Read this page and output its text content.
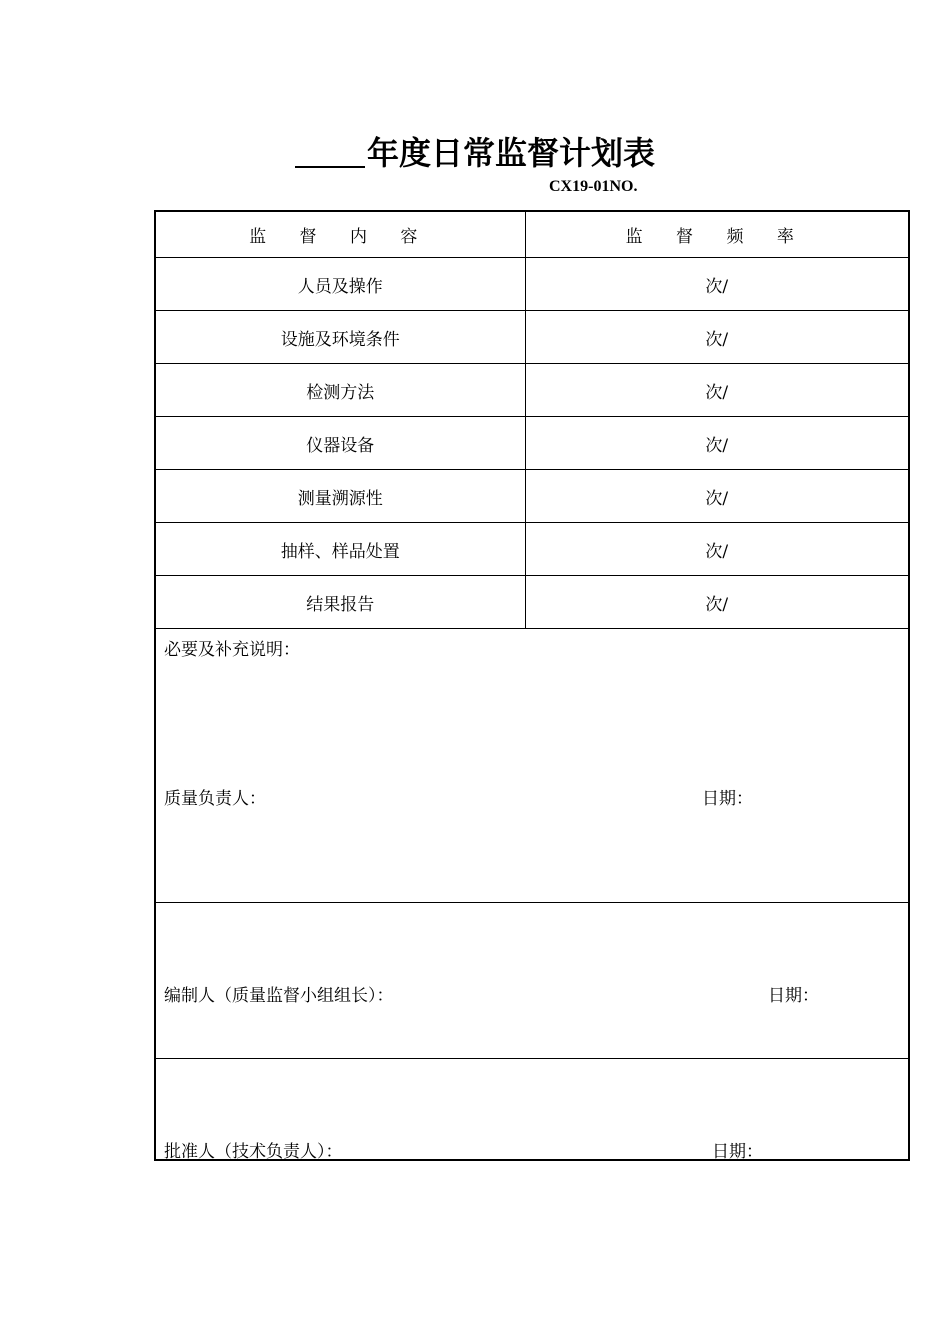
年度日常监督计划表
CX19-01NO.
监 督 内 容	监 督 频 率
人员及操作	次/
设施及环境条件	次/
检测方法	次/
仪器设备	次/
测量溯源性	次/
抽样、样品处置	次/
结果报告	次/

必要及补充说明：
质量负责人： 日期：	

编制人（质量监督小组组长）： 日期：	

批准人（技术负责人）： 日期：	
